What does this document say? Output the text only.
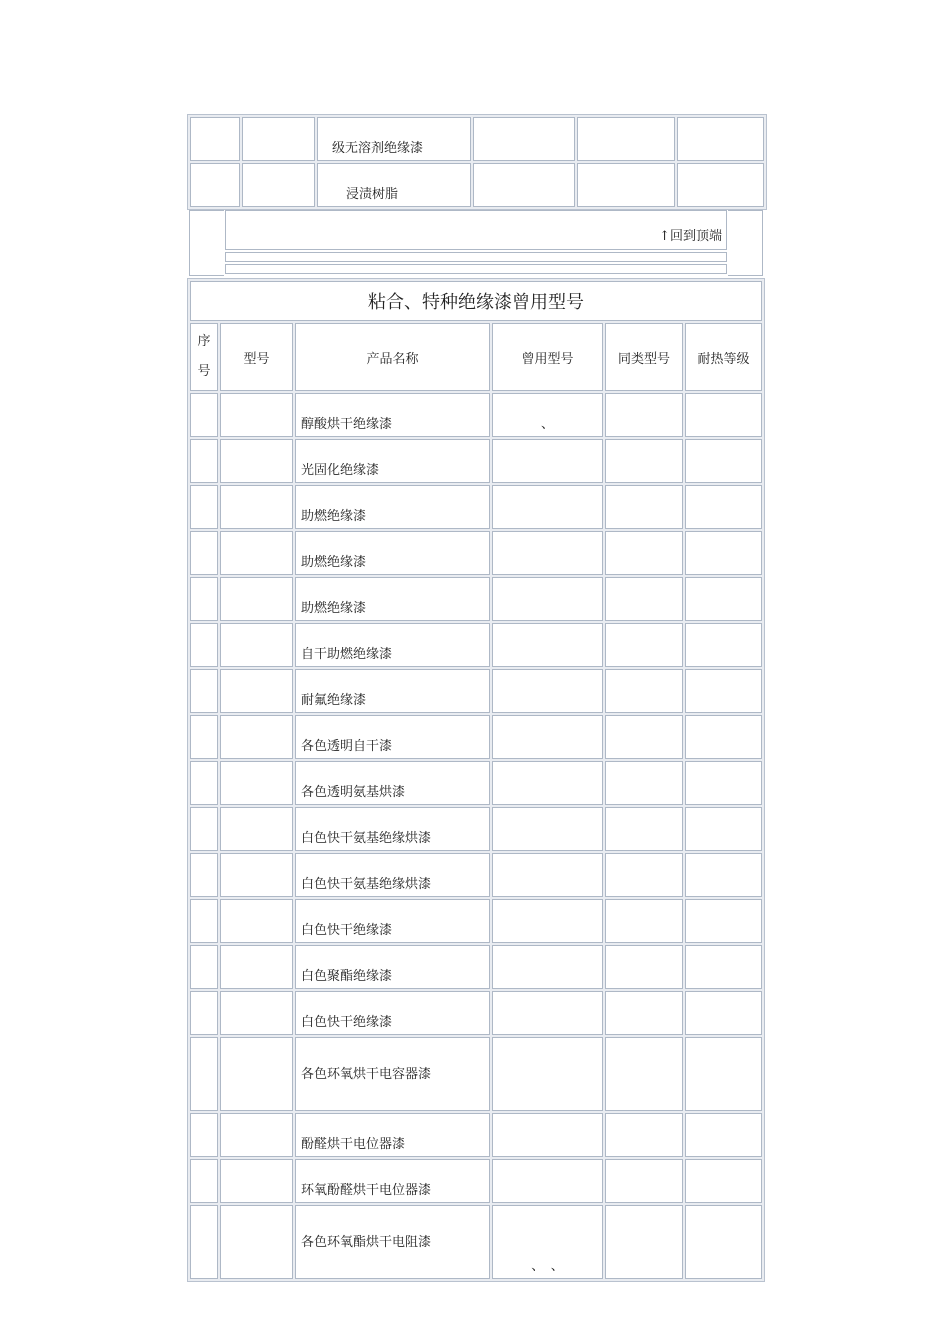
		级无溶剂绝缘漆			
		浸渍树脂			
↑回到顶端
粘合、特种绝缘漆曾用型号					
序号	型号	产品名称	曾用型号	同类型号	耐热等级
		醇酸烘干绝缘漆	、		
		光固化绝缘漆			
		助燃绝缘漆			
		助燃绝缘漆			
		助燃绝缘漆			
		自干助燃绝缘漆			
		耐氟绝缘漆			
		各色透明自干漆			
		各色透明氨基烘漆			
		白色快干氨基绝缘烘漆			
		白色快干氨基绝缘烘漆			
		白色快干绝缘漆			
		白色聚酯绝缘漆			
		白色快干绝缘漆			
		各色环氧烘干电容器漆			
		酚醛烘干电位器漆			
		环氧酚醛烘干电位器漆			
		各色环氧酯烘干电阻漆	、　、		
